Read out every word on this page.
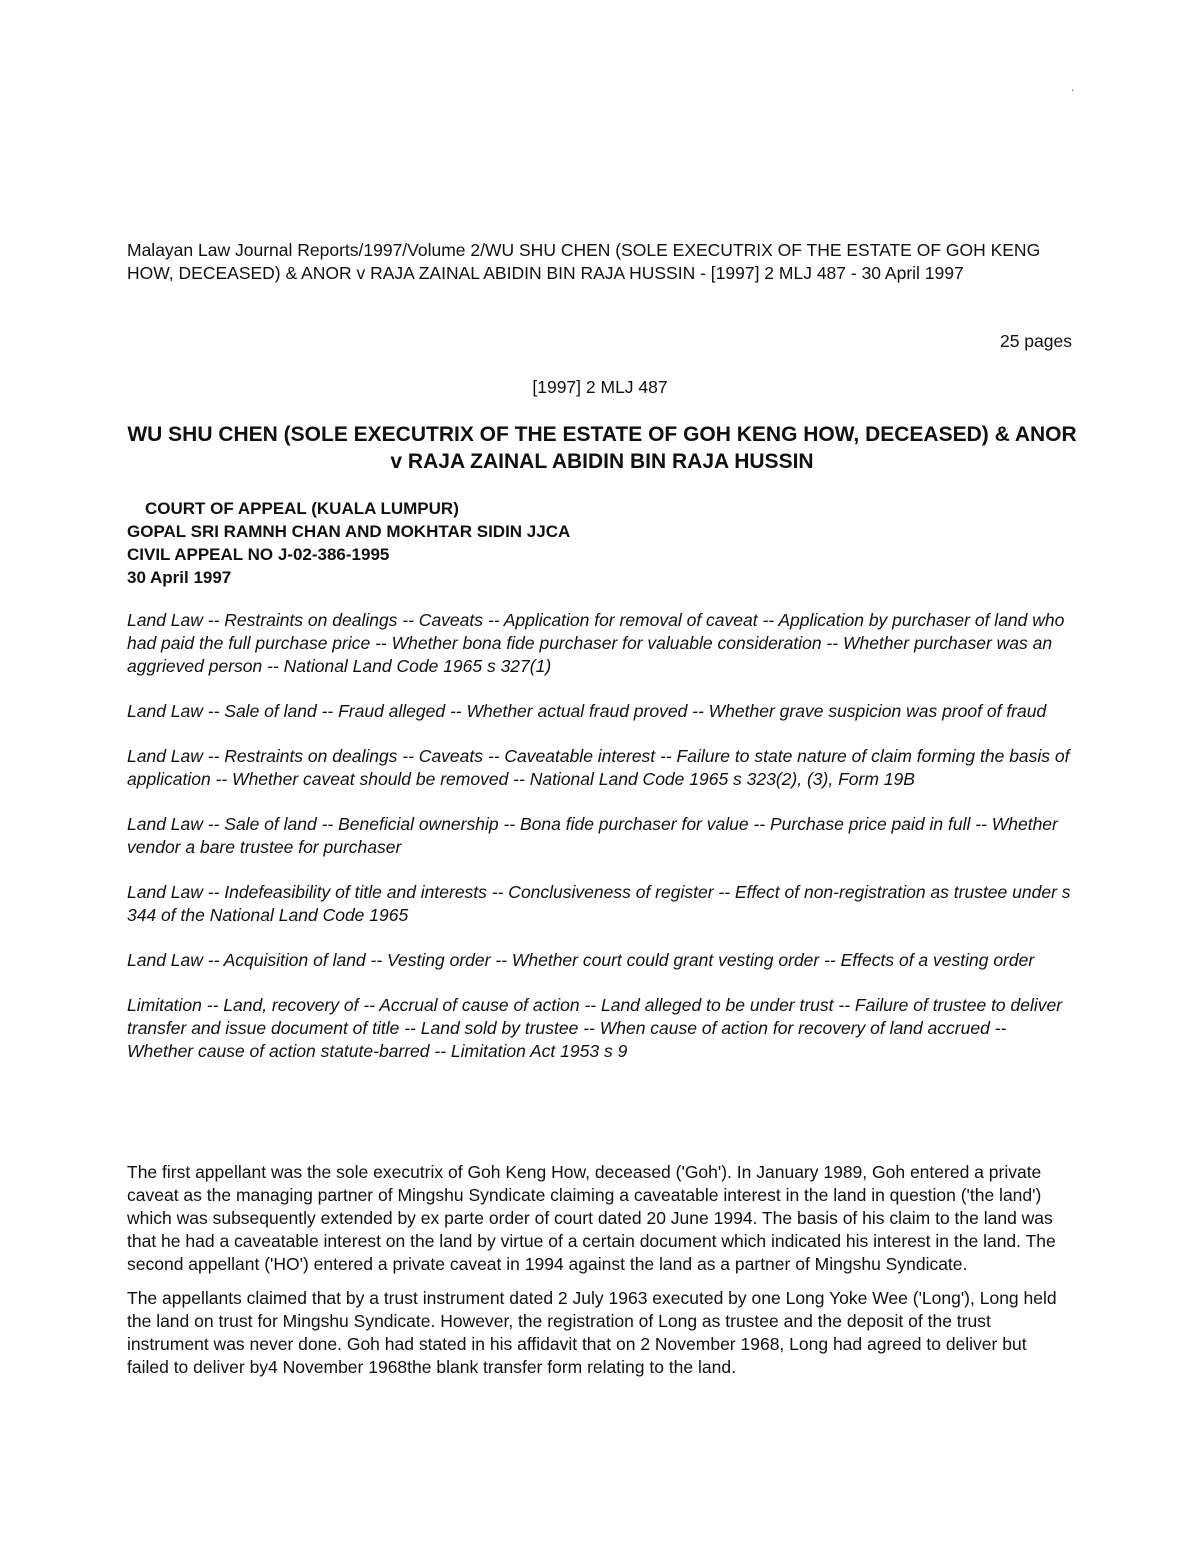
.

Malayan Law Journal Reports/1997/Volume 2/WU SHU CHEN (SOLE EXECUTRIX OF THE ESTATE OF GOH KENG HOW, DECEASED) & ANOR v RAJA ZAINAL ABIDIN BIN RAJA HUSSIN - [1997] 2 MLJ 487 - 30 April 1997

25 pages

[1997] 2 MLJ 487

WU SHU CHEN (SOLE EXECUTRIX OF THE ESTATE OF GOH KENG HOW, DECEASED) & ANOR v RAJA ZAINAL ABIDIN BIN RAJA HUSSIN
COURT OF APPEAL (KUALA LUMPUR)
GOPAL SRI RAMNH CHAN AND MOKHTAR SIDIN JJCA
CIVIL APPEAL NO J-02-386-1995
30 April 1997

Land Law -- Restraints on dealings -- Caveats -- Application for removal of caveat -- Application by purchaser of land who had paid the full purchase price -- Whether bona fide purchaser for valuable consideration -- Whether purchaser was an aggrieved person -- National Land Code 1965 s 327(1)

Land Law -- Sale of land -- Fraud alleged -- Whether actual fraud proved -- Whether grave suspicion was proof of fraud

Land Law -- Restraints on dealings -- Caveats -- Caveatable interest -- Failure to state nature of claim forming the basis of application -- Whether caveat should be removed -- National Land Code 1965 s 323(2), (3), Form 19B

Land Law -- Sale of land -- Beneficial ownership -- Bona fide purchaser for value -- Purchase price paid in full -- Whether vendor a bare trustee for purchaser

Land Law -- Indefeasibility of title and interests -- Conclusiveness of register -- Effect of non-registration as trustee under s 344 of the National Land Code 1965

Land Law -- Acquisition of land -- Vesting order -- Whether court could grant vesting order -- Effects of a vesting order

Limitation -- Land, recovery of -- Accrual of cause of action -- Land alleged to be under trust -- Failure of trustee to deliver transfer and issue document of title -- Land sold by trustee -- When cause of action for recovery of land accrued -- Whether cause of action statute-barred -- Limitation Act 1953 s 9

The first appellant was the sole executrix of Goh Keng How, deceased ('Goh'). In January 1989, Goh entered a private caveat as the managing partner of Mingshu Syndicate claiming a caveatable interest in the land in question ('the land') which was subsequently extended by ex parte order of court dated 20 June 1994. The basis of his claim to the land was that he had a caveatable interest on the land by virtue of a certain document which indicated his interest in the land. The second appellant ('HO') entered a private caveat in 1994 against the land as a partner of Mingshu Syndicate.

The appellants claimed that by a trust instrument dated 2 July 1963 executed by one Long Yoke Wee ('Long'), Long held the land on trust for Mingshu Syndicate. However, the registration of Long as trustee and the deposit of the trust instrument was never done. Goh had stated in his affidavit that on 2 November 1968, Long had agreed to deliver but failed to deliver by4 November 1968the blank transfer form relating to the land.
